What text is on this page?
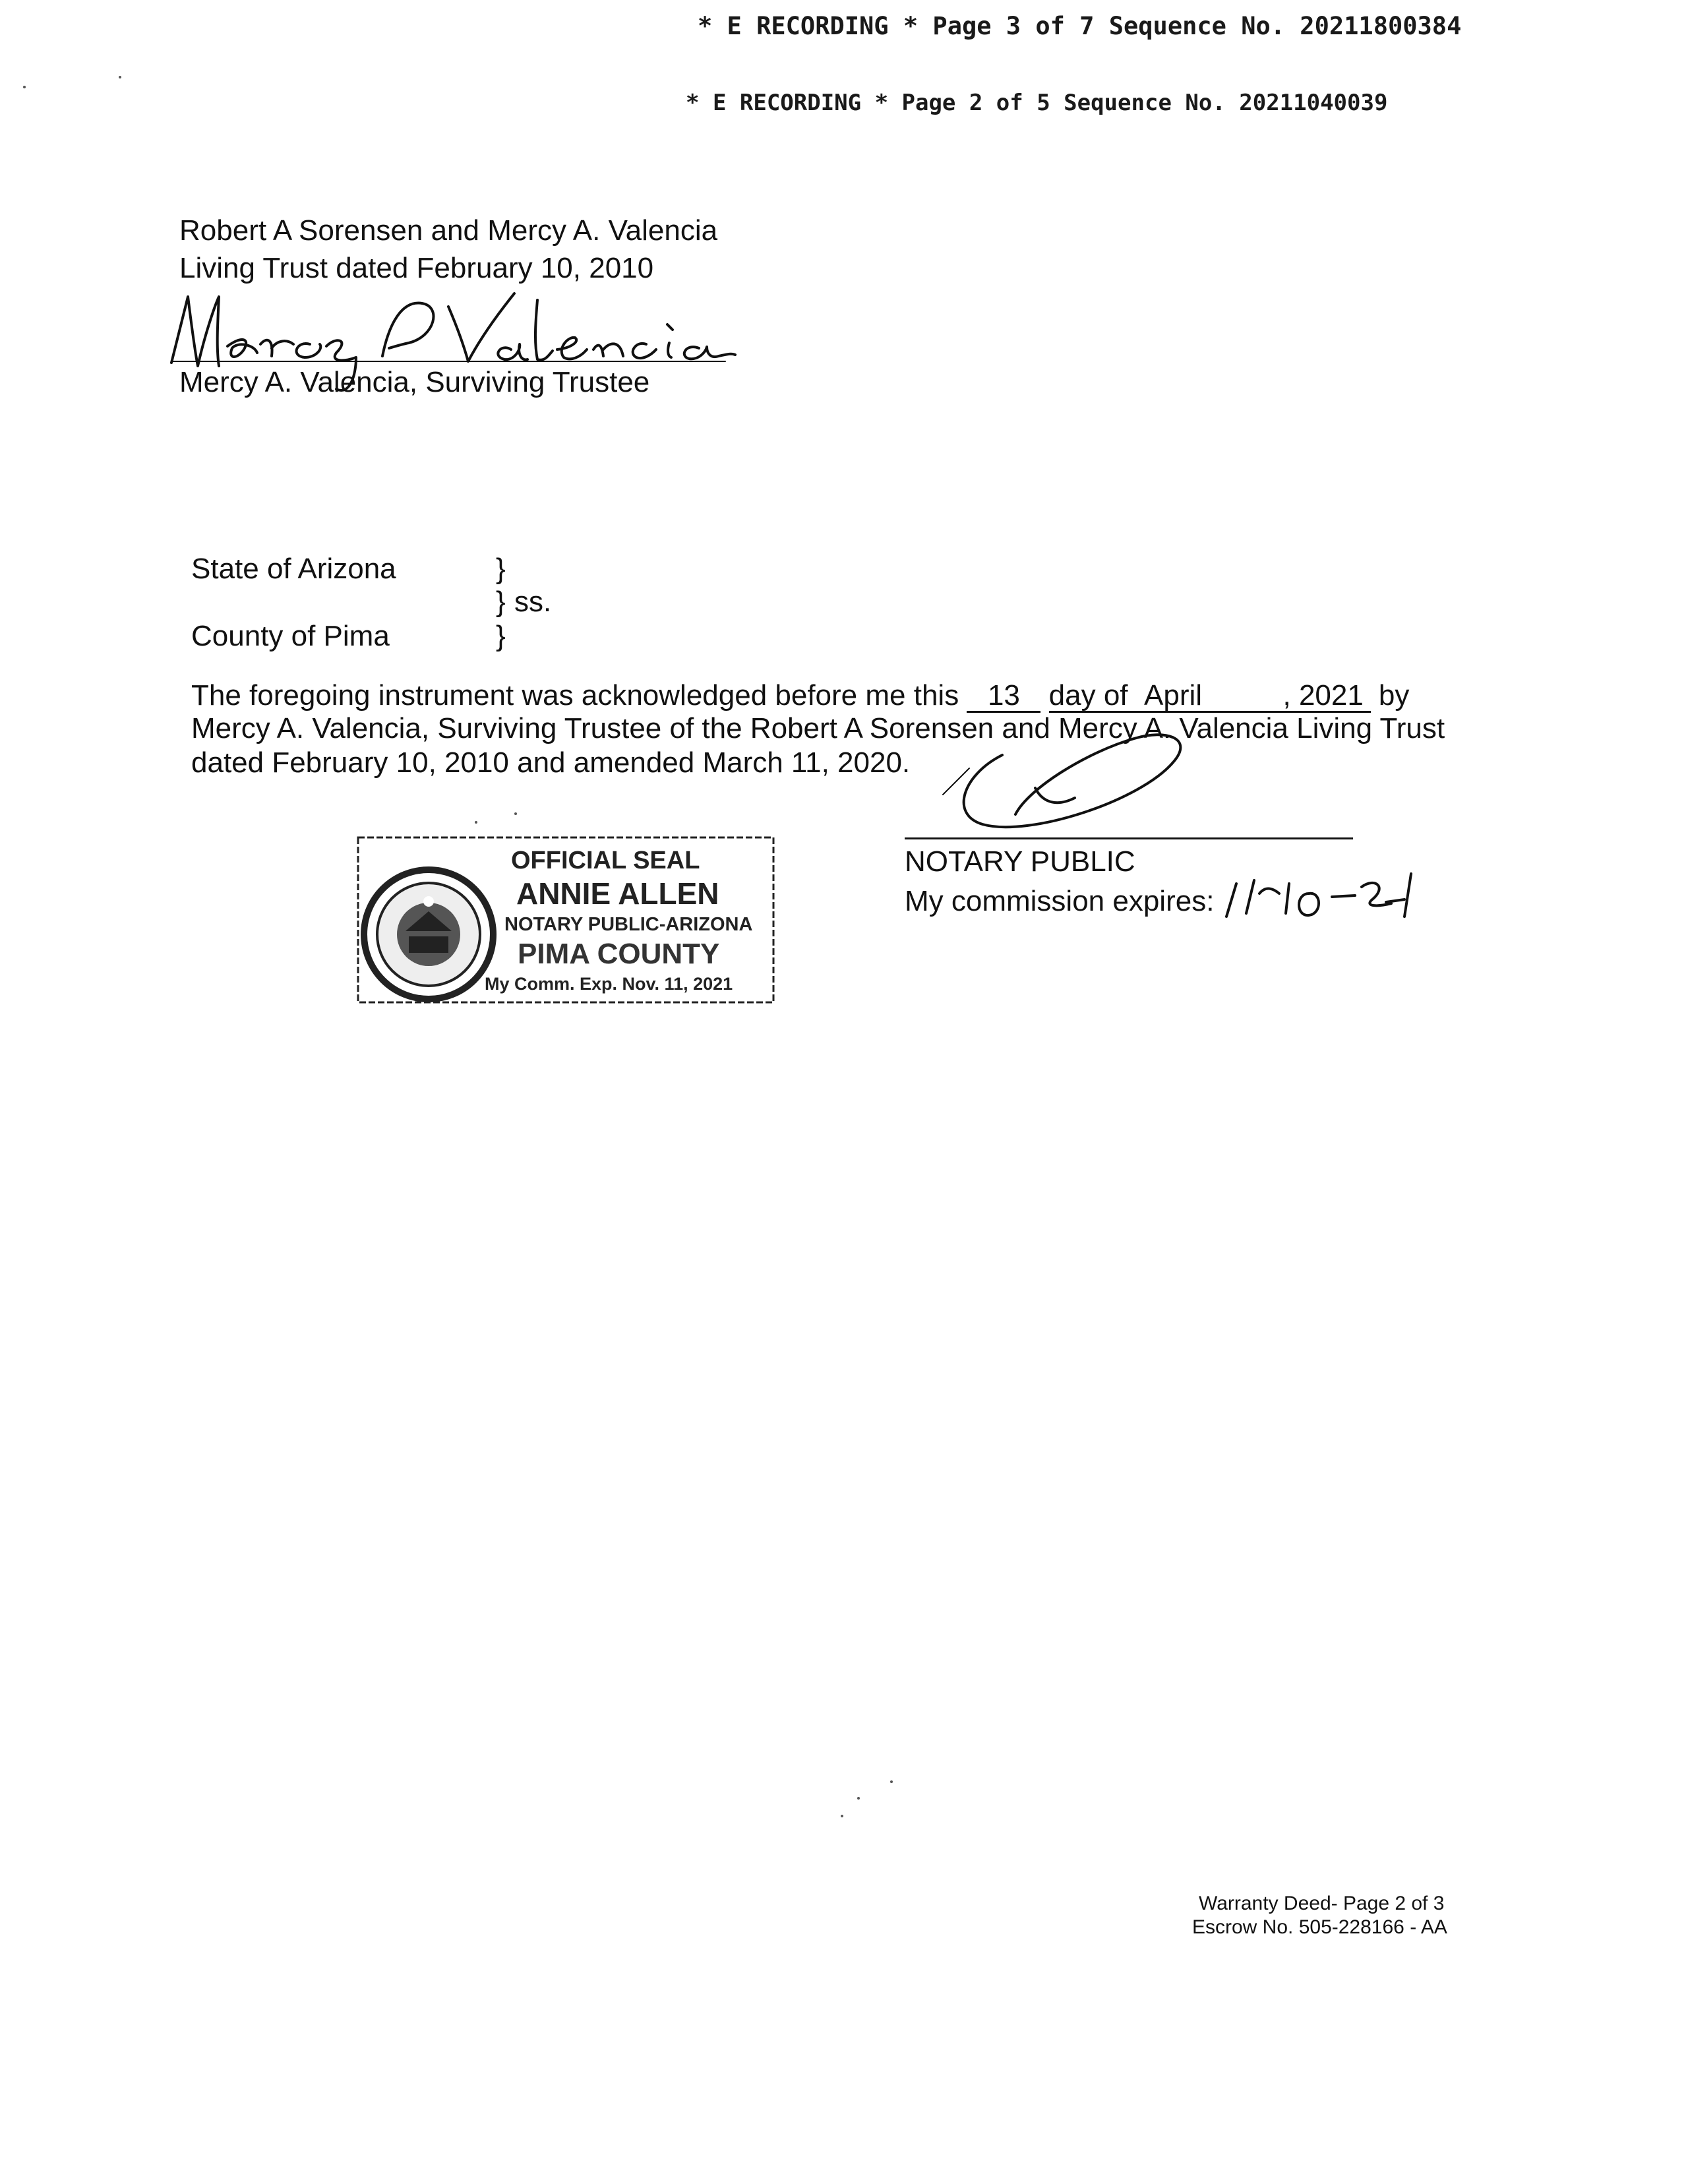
* E RECORDING * Page 3 of 7 Sequence No. 20211800384
* E RECORDING * Page 2 of 5 Sequence No. 20211040039
Robert A Sorensen and Mercy A. Valencia
Living Trust dated February 10, 2010
Mercy A. Valencia, Surviving Trustee
State of Arizona	}
} ss.
County of Pima	}
The foregoing instrument was acknowledged before me this 13 day of April	, 2021 by
Mercy A. Valencia, Surviving Trustee of the Robert A Sorensen and Mercy A. Valencia Living Trust
dated February 10, 2010 and amended March 11, 2020.
NOTARY PUBLIC
My commission expires:
OFFICIAL SEAL
ANNIE ALLEN
NOTARY PUBLIC-ARIZONA
PIMA COUNTY
My Comm. Exp. Nov. 11, 2021
Warranty Deed- Page 2 of 3
Escrow No. 505-228166 - AA
